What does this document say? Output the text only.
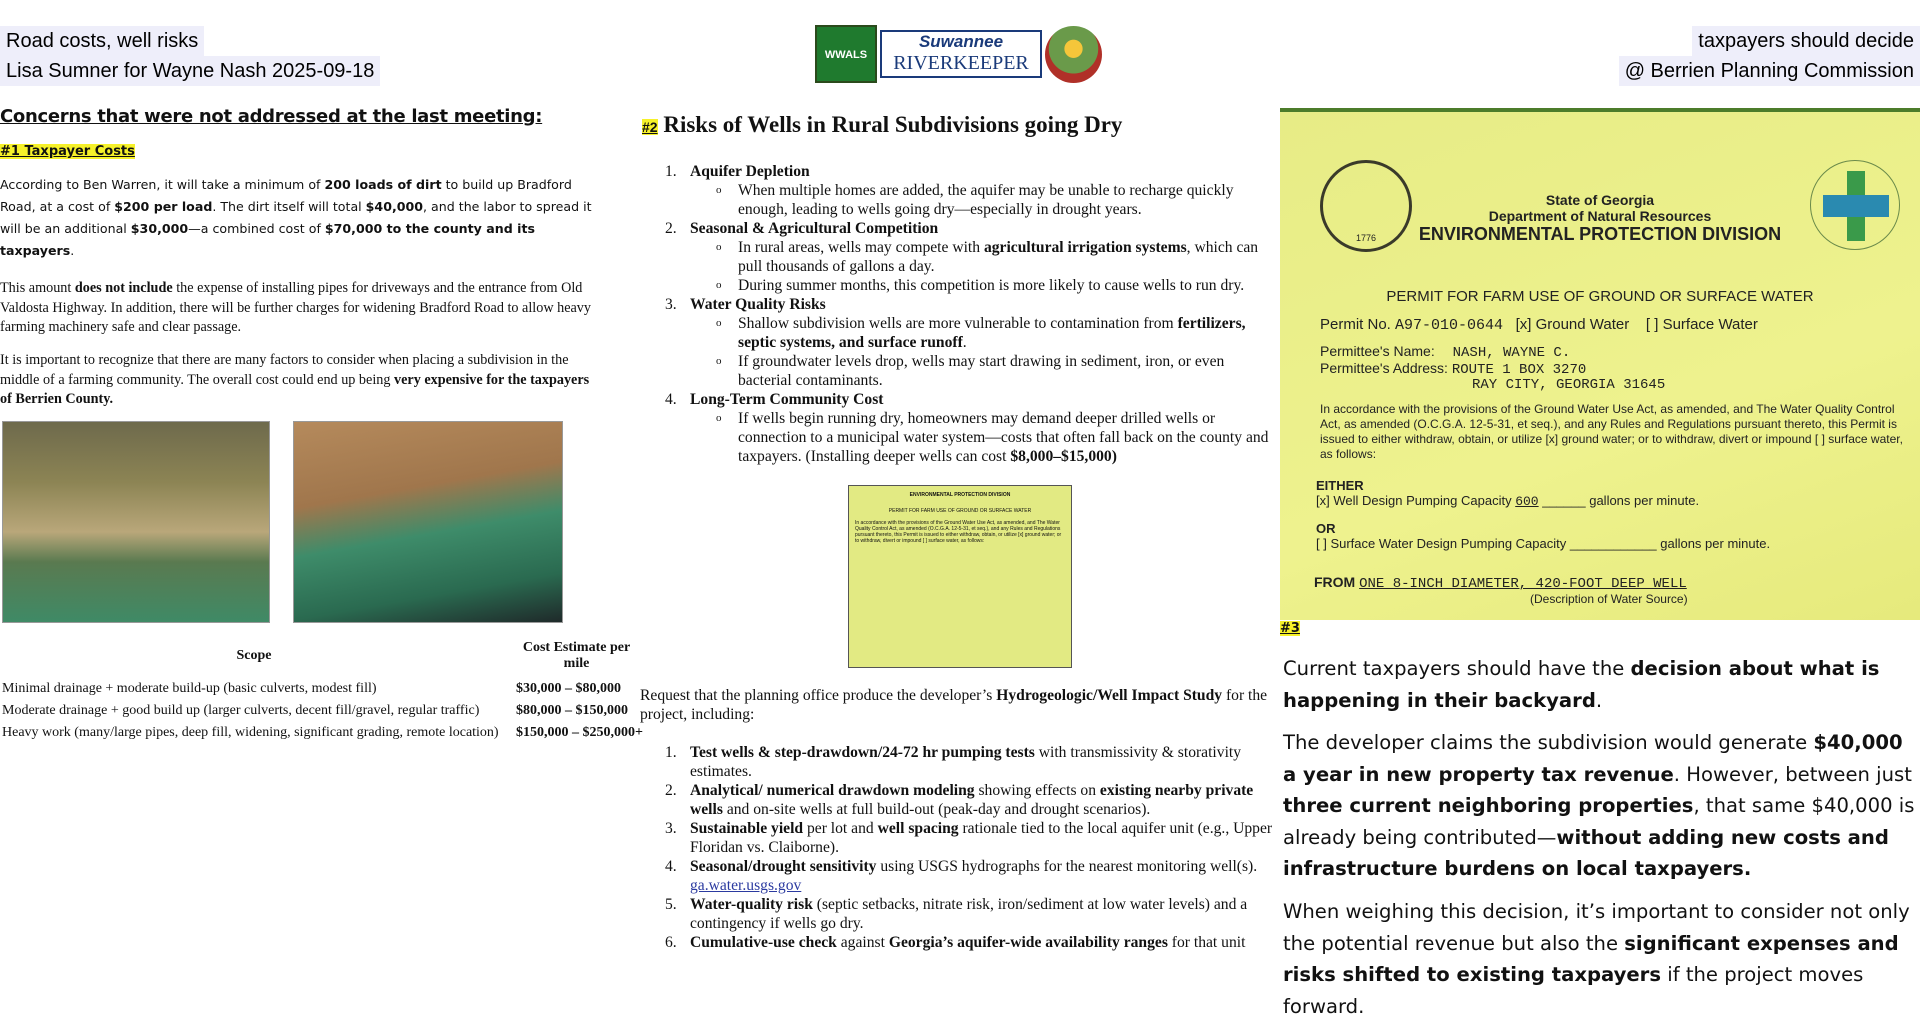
Road costs, well risks
Lisa Sumner for Wayne Nash 2025-09-18
taxpayers should decide
@ Berrien Planning Commission
WWALS
Suwannee
RIVERKEEPER
Concerns that were not addressed at the last meeting:
#1 Taxpayer Costs
According to Ben Warren, it will take a minimum of 200 loads of dirt to build up Bradford Road, at a cost of $200 per load. The dirt itself will total $40,000, and the labor to spread it will be an additional $30,000—a combined cost of $70,000 to the county and its taxpayers.
This amount does not include the expense of installing pipes for driveways and the entrance from Old Valdosta Highway. In addition, there will be further charges for widening Bradford Road to allow heavy farming machinery safe and clear passage.
It is important to recognize that there are many factors to consider when placing a subdivision in the middle of a farming community. The overall cost could end up being very expensive for the taxpayers of Berrien County.
Scope	Cost Estimate per mile
Minimal drainage + moderate build-up (basic culverts, modest fill)	$30,000 – $80,000
Moderate drainage + good build up (larger culverts, decent fill/gravel, regular traffic)	$80,000 – $150,000
Heavy work (many/large pipes, deep fill, widening, significant grading, remote location)	$150,000 – $250,000+
#2 Risks of Wells in Rural Subdivisions going Dry
1. Aquifer Depletion
o When multiple homes are added, the aquifer may be unable to recharge quickly enough, leading to wells going dry—especially in drought years.
2. Seasonal & Agricultural Competition
o In rural areas, wells may compete with agricultural irrigation systems, which can pull thousands of gallons a day.
o During summer months, this competition is more likely to cause wells to run dry.
3. Water Quality Risks
o Shallow subdivision wells are more vulnerable to contamination from fertilizers, septic systems, and surface runoff.
o If groundwater levels drop, wells may start drawing in sediment, iron, or even bacterial contaminants.
4. Long-Term Community Cost
o If wells begin running dry, homeowners may demand deeper drilled wells or connection to a municipal water system—costs that often fall back on the county and taxpayers. (Installing deeper wells can cost $8,000–$15,000)
ENVIRONMENTAL PROTECTION DIVISION
PERMIT FOR FARM USE OF GROUND OR SURFACE WATER
In accordance with the provisions of the Ground Water Use Act, as amended, and The Water Quality Control Act, as amended (O.C.G.A. 12-5-31, et seq.), and any Rules and Regulations pursuant thereto, this Permit is issued to either withdraw, obtain, or utilize [x] ground water; or to withdraw, divert or impound [ ] surface water, as follows:
Request that the planning office produce the developer’s Hydrogeologic/Well Impact Study for the project, including:
1. Test wells & step-drawdown/24-72 hr pumping tests with transmissivity & storativity estimates.
2. Analytical/ numerical drawdown modeling showing effects on existing nearby private wells and on-site wells at full build-out (peak-day and drought scenarios).
3. Sustainable yield per lot and well spacing rationale tied to the local aquifer unit (e.g., Upper Floridan vs. Claiborne).
4. Seasonal/drought sensitivity using USGS hydrographs for the nearest monitoring well(s). ga.water.usgs.gov
5. Water-quality risk (septic setbacks, nitrate risk, iron/sediment at low water levels) and a contingency if wells go dry.
6. Cumulative-use check against Georgia’s aquifer-wide availability ranges for that unit
1776
State of Georgia
Department of Natural Resources
ENVIRONMENTAL PROTECTION DIVISION
PERMIT FOR FARM USE OF GROUND OR SURFACE WATER
Permit No. A97-010-0644 [x] Ground Water [ ] Surface Water
Permittee's Name: NASH, WAYNE C.
Permittee's Address: ROUTE 1 BOX 3270
RAY CITY, GEORGIA 31645
In accordance with the provisions of the Ground Water Use Act, as amended, and The Water Quality Control Act, as amended (O.C.G.A. 12-5-31, et seq.), and any Rules and Regulations pursuant thereto, this Permit is issued to either withdraw, obtain, or utilize [x] ground water; or to withdraw, divert or impound [ ] surface water, as follows:
EITHER
[x] Well Design Pumping Capacity 600 ______ gallons per minute.
OR
[ ] Surface Water Design Pumping Capacity ____________ gallons per minute.
FROM ONE 8-INCH DIAMETER, 420-FOOT DEEP WELL
(Description of Water Source)
#3
Current taxpayers should have the decision about what is happening in their backyard.
The developer claims the subdivision would generate $40,000 a year in new property tax revenue. However, between just three current neighboring properties, that same $40,000 is already being contributed—without adding new costs and infrastructure burdens on local taxpayers.
When weighing this decision, it’s important to consider not only the potential revenue but also the significant expenses and risks shifted to existing taxpayers if the project moves forward.
